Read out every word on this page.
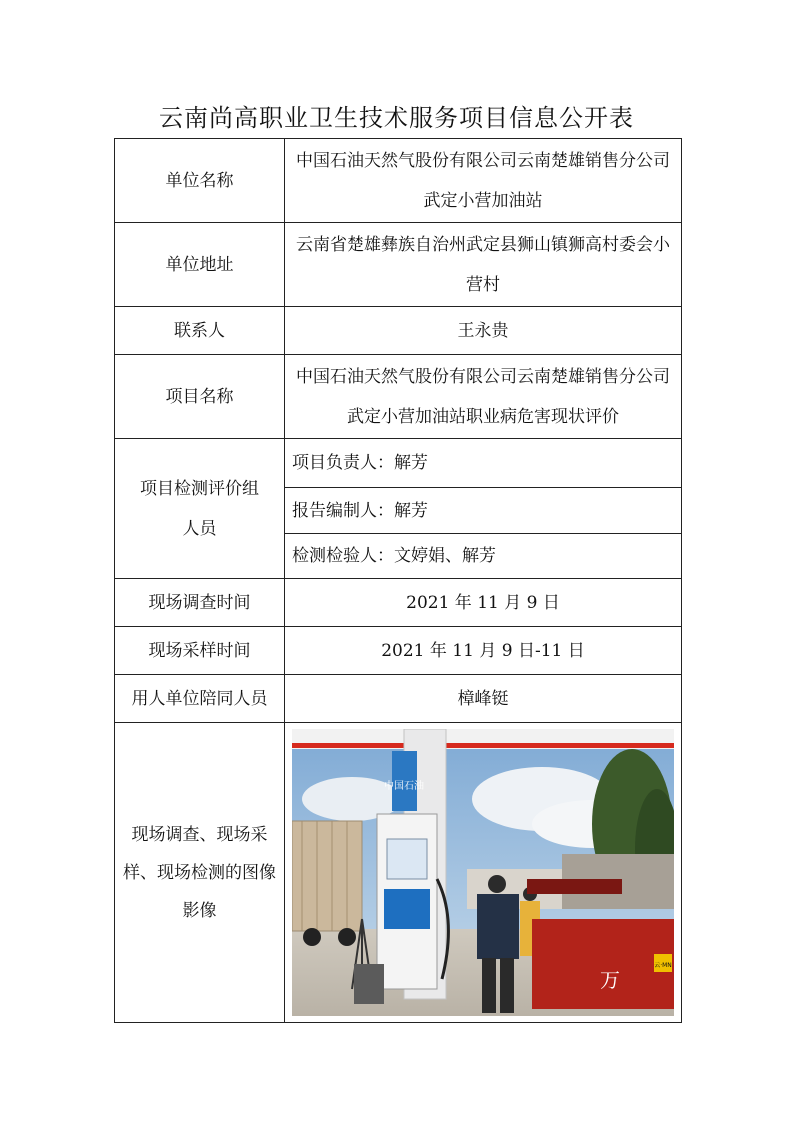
云南尚高职业卫生技术服务项目信息公开表
单位名称	中国石油天然气股份有限公司云南楚雄销售分公司武定小营加油站
单位地址	云南省楚雄彝族自治州武定县狮山镇狮高村委会小营村
联系人	王永贵
项目名称	中国石油天然气股份有限公司云南楚雄销售分公司武定小营加油站职业病危害现状评价
项目检测评价组人员	项目负责人：解芳
	报告编制人：解芳
	检测检验人：文婷娟、解芳
现场调查时间	2021 年 11 月 9 日
现场采样时间	2021 年 11 月 9 日-11 日
用人单位陪同人员	樟峰铤
现场调查、现场采样、现场检测的图像影像	中国石油
万
云·MN
